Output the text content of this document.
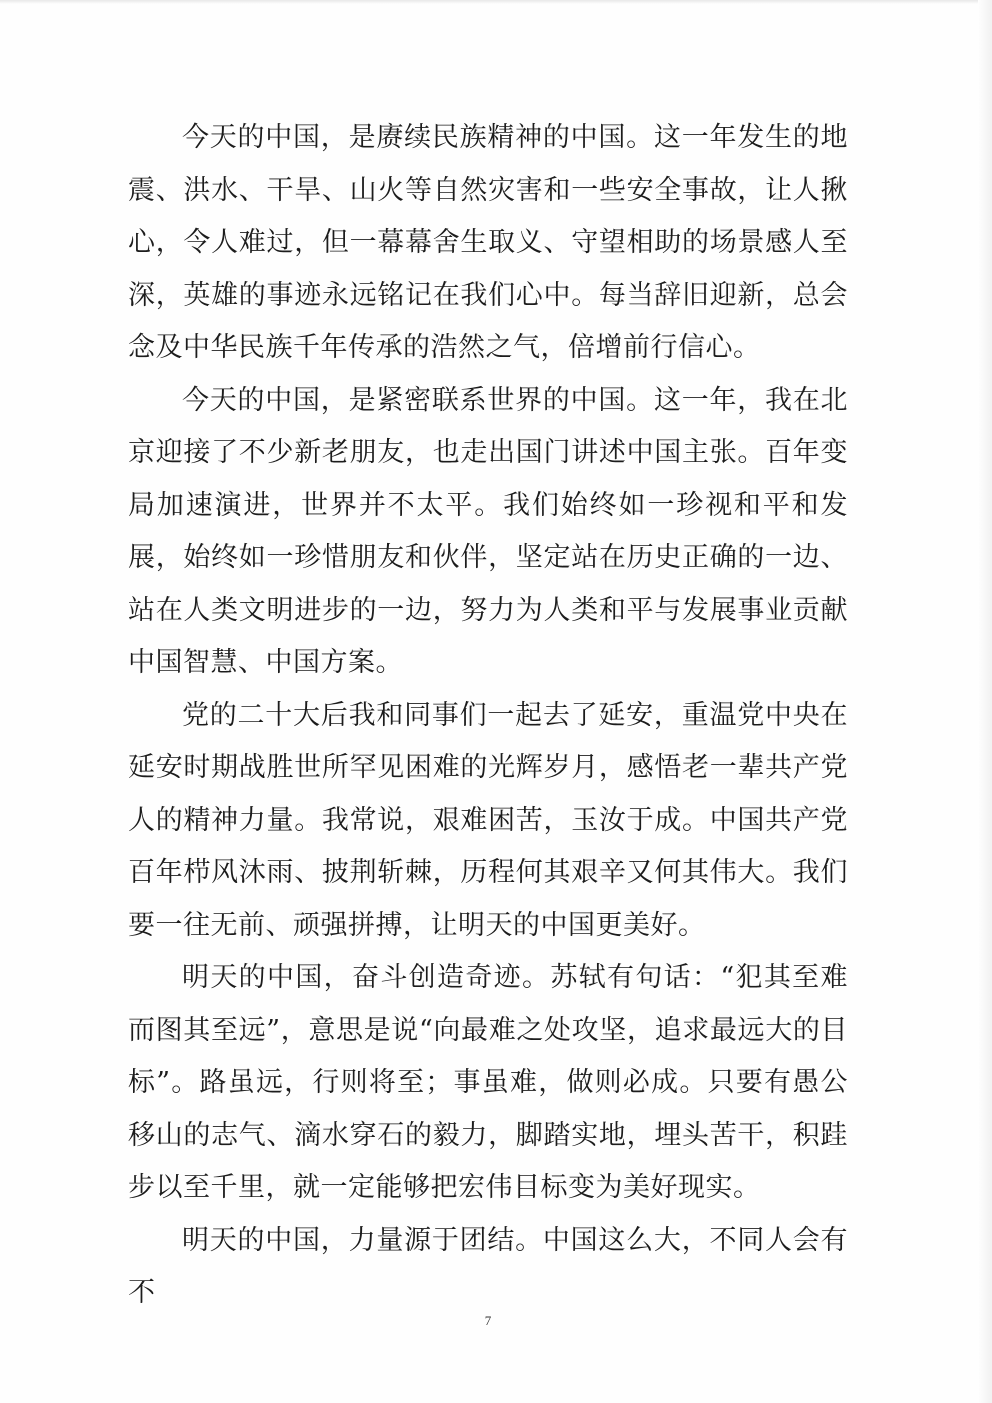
今天的中国，是赓续民族精神的中国。这一年发生的地震、洪水、干旱、山火等自然灾害和一些安全事故，让人揪心，令人难过，但一幕幕舍生取义、守望相助的场景感人至深，英雄的事迹永远铭记在我们心中。每当辞旧迎新，总会念及中华民族千年传承的浩然之气，倍增前行信心。

今天的中国，是紧密联系世界的中国。这一年，我在北京迎接了不少新老朋友，也走出国门讲述中国主张。百年变局加速演进，世界并不太平。我们始终如一珍视和平和发展，始终如一珍惜朋友和伙伴，坚定站在历史正确的一边、站在人类文明进步的一边，努力为人类和平与发展事业贡献中国智慧、中国方案。

党的二十大后我和同事们一起去了延安，重温党中央在延安时期战胜世所罕见困难的光辉岁月，感悟老一辈共产党人的精神力量。我常说，艰难困苦，玉汝于成。中国共产党百年栉风沐雨、披荆斩棘，历程何其艰辛又何其伟大。我们要一往无前、顽强拼搏，让明天的中国更美好。

明天的中国，奋斗创造奇迹。苏轼有句话：“犯其至难而图其至远”，意思是说“向最难之处攻坚，追求最远大的目标”。路虽远，行则将至；事虽难，做则必成。只要有愚公移山的志气、滴水穿石的毅力，脚踏实地，埋头苦干，积跬步以至千里，就一定能够把宏伟目标变为美好现实。

明天的中国，力量源于团结。中国这么大，不同人会有不

7
